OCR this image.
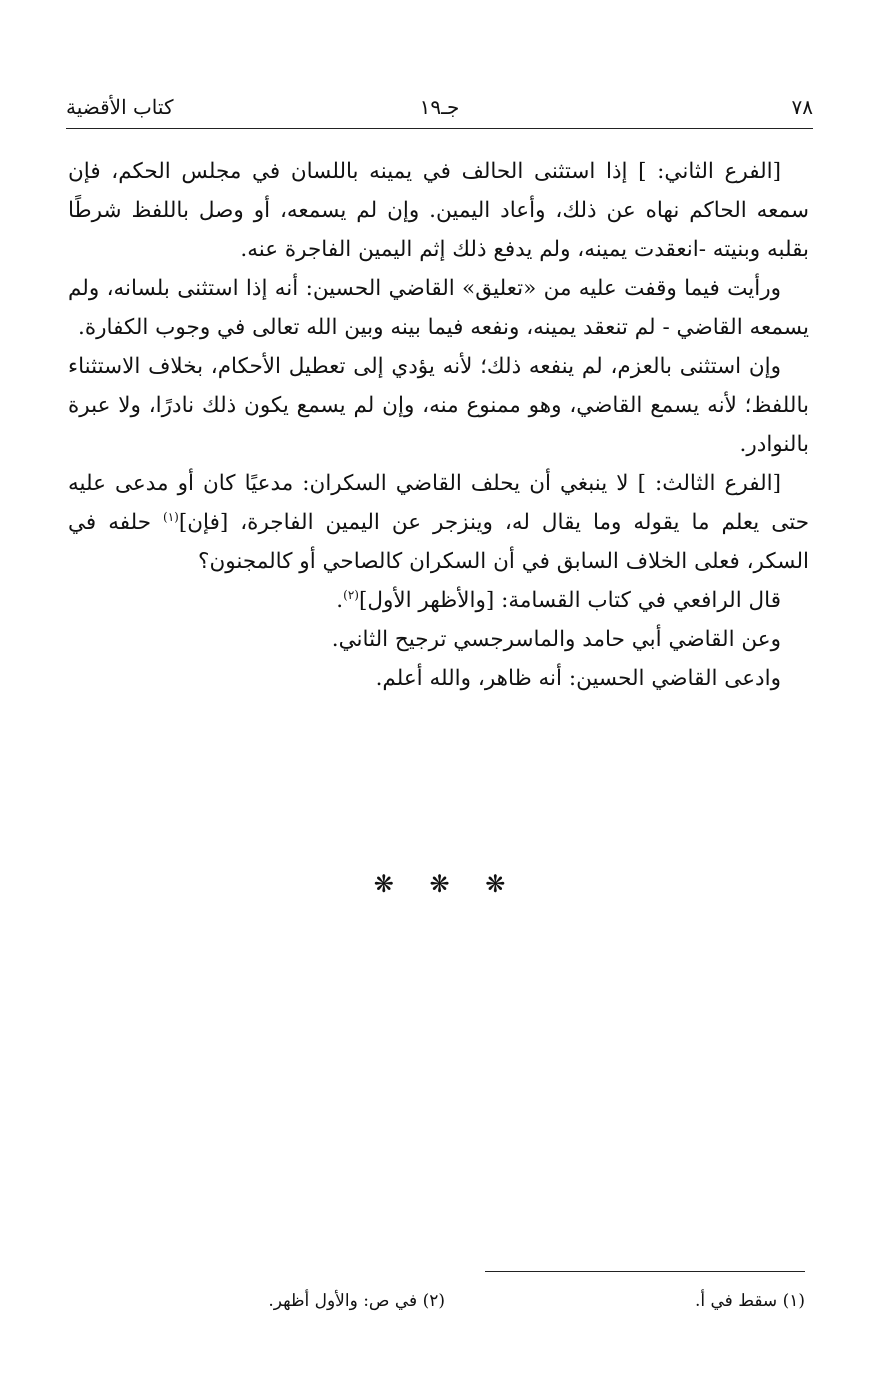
٧٨
جـ١٩
كتاب الأقضية

[الفرع الثاني: ] إذا استثنى الحالف في يمينه باللسان في مجلس الحكم، فإن سمعه الحاكم نهاه عن ذلك، وأعاد اليمين. وإن لم يسمعه، أو وصل باللفظ شرطًا بقلبه وبنيته -انعقدت يمينه، ولم يدفع ذلك إثم اليمين الفاجرة عنه.

ورأيت فيما وقفت عليه من «تعليق» القاضي الحسين: أنه إذا استثنى بلسانه، ولم يسمعه القاضي - لم تنعقد يمينه، ونفعه فيما بينه وبين الله تعالى في وجوب الكفارة.

وإن استثنى بالعزم، لم ينفعه ذلك؛ لأنه يؤدي إلى تعطيل الأحكام، بخلاف الاستثناء باللفظ؛ لأنه يسمع القاضي، وهو ممنوع منه، وإن لم يسمع يكون ذلك نادرًا، ولا عبرة بالنوادر.

[الفرع الثالث: ] لا ينبغي أن يحلف القاضي السكران: مدعيًا كان أو مدعى عليه حتى يعلم ما يقوله وما يقال له، وينزجر عن اليمين الفاجرة، [فإن]$^{(١)}$ حلفه في السكر، فعلى الخلاف السابق في أن السكران كالصاحي أو كالمجنون؟

قال الرافعي في كتاب القسامة: [والأظهر الأول]$^{(٢)}$.

وعن القاضي أبي حامد والماسرجسي ترجيح الثاني.

وادعى القاضي الحسين: أنه ظاهر، والله أعلم.

❋ ❋ ❋
(١) سقط في أ.
(٢) في ص: والأول أظهر.
